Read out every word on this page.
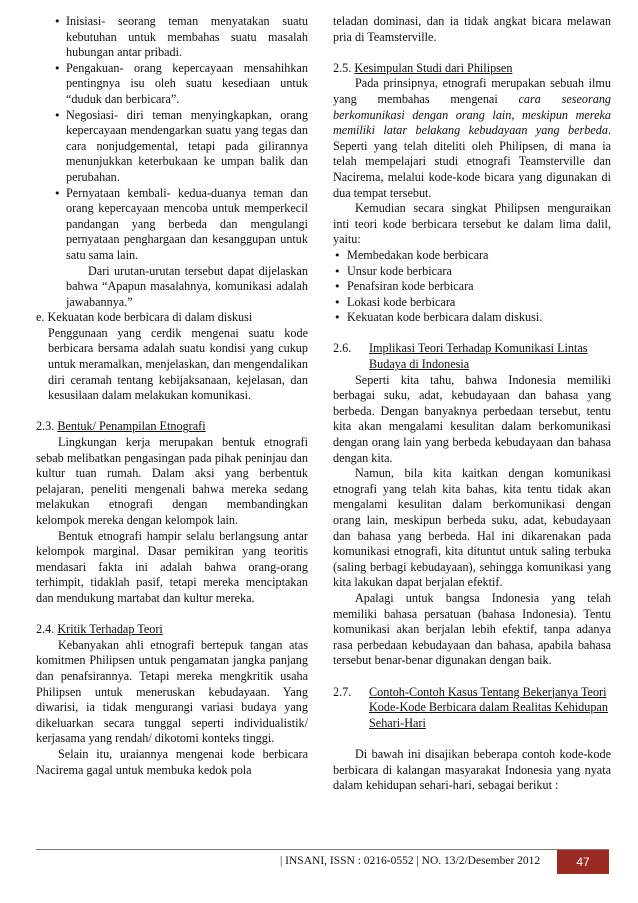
• Inisiasi- seorang teman menyatakan suatu kebutuhan untuk membahas suatu masalah hubungan antar pribadi.
• Pengakuan- orang kepercayaan mensahihkan pentingnya isu oleh suatu kesediaan untuk “duduk dan berbicara”.
• Negosiasi- diri teman menyingkapkan, orang kepercayaan mendengarkan suatu yang tegas dan cara nonjudgemental, tetapi pada gilirannya menunjukkan keterbukaan ke umpan balik dan perubahan.
• Pernyataan kembali- kedua-duanya teman dan orang kepercayaan mencoba untuk memperkecil pandangan yang berbeda dan mengulangi pernyataan penghargaan dan kesanggupan untuk satu sama lain.

Dari urutan-urutan tersebut dapat dijelaskan bahwa “Apapun masalahnya, komunikasi adalah jawabannya.”

e. Kekuatan kode berbicara di dalam diskusi

Penggunaan yang cerdik mengenai suatu kode berbicara bersama adalah suatu kondisi yang cukup untuk meramalkan, menjelaskan, dan mengendalikan diri ceramah tentang kebijaksanaan, kejelasan, dan kesusilaan dalam melakukan komunikasi.

2.3. Bentuk/ Penampilan Etnografi

Lingkungan kerja merupakan bentuk etnografi sebab melibatkan pengasingan pada pihak peninjau dan kultur tuan rumah. Dalam aksi yang berbentuk pelajaran, peneliti mengenali bahwa mereka sedang melakukan etnografi dengan membandingkan kelompok mereka dengan kelompok lain.

Bentuk etnografi hampir selalu berlangsung antar kelompok marginal. Dasar pemikiran yang teoritis mendasari fakta ini adalah bahwa orang-orang terhimpit, tidaklah pasif, tetapi mereka menciptakan dan mendukung martabat dan kultur mereka.

2.4. Kritik Terhadap Teori

Kebanyakan ahli etnografi bertepuk tangan atas komitmen Philipsen untuk pengamatan jangka panjang dan penafsirannya. Tetapi mereka mengkritik usaha Philipsen untuk meneruskan kebudayaan. Yang diwarisi, ia tidak mengurangi variasi budaya yang dikeluarkan secara tunggal seperti individualistik/ kerjasama yang rendah/ dikotomi konteks tinggi.

Selain itu, uraiannya mengenai kode berbicara Nacirema gagal untuk membuka kedok pola

teladan dominasi, dan ia tidak angkat bicara melawan pria di Teamsterville.

2.5. Kesimpulan Studi dari Philipsen

Pada prinsipnya, etnografi merupakan sebuah ilmu yang membahas mengenai cara seseorang berkomunikasi dengan orang lain, meskipun mereka memiliki latar belakang kebudayaan yang berbeda. Seperti yang telah diteliti oleh Philipsen, di mana ia telah mempelajari studi etnografi Teamsterville dan Nacirema, melalui kode-kode bicara yang digunakan di dua tempat tersebut.

Kemudian secara singkat Philipsen menguraikan inti teori kode berbicara tersebut ke dalam lima dalil, yaitu:

• Membedakan kode berbicara
• Unsur kode berbicara
• Penafsiran kode berbicara
• Lokasi kode berbicara
• Kekuatan kode berbicara dalam diskusi.
2.6.	Implikasi Teori Terhadap Komunikasi Lintas Budaya di Indonesia

Seperti kita tahu, bahwa Indonesia memiliki berbagai suku, adat, kebudayaan dan bahasa yang berbeda. Dengan banyaknya perbedaan tersebut, tentu kita akan mengalami kesulitan dalam berkomunikasi dengan orang lain yang berbeda kebudayaan dan bahasa dengan kita.

Namun, bila kita kaitkan dengan komunikasi etnografi yang telah kita bahas, kita tentu tidak akan mengalami kesulitan dalam berkomunikasi dengan orang lain, meskipun berbeda suku, adat, kebudayaan dan bahasa yang berbeda. Hal ini dikarenakan pada komunikasi etnografi, kita dituntut untuk saling terbuka (saling berbagi kebudayaan), sehingga komunikasi yang kita lakukan dapat berjalan efektif.

Apalagi untuk bangsa Indonesia yang telah memiliki bahasa persatuan (bahasa Indonesia). Tentu komunikasi akan berjalan lebih efektif, tanpa adanya rasa perbedaan kebudayaan dan bahasa, apabila bahasa tersebut benar-benar digunakan dengan baik.

2.7.	Contoh-Contoh Kasus Tentang Bekerjanya Teori Kode-Kode Berbicara dalam Realitas Kehidupan Sehari-Hari

Di bawah ini disajikan beberapa contoh kode-kode berbicara di kalangan masyarakat Indonesia yang nyata dalam kehidupan sehari-hari, sebagai berikut :

| INSANI, ISSN : 0216-0552 | NO. 13/2/Desember 2012	47
